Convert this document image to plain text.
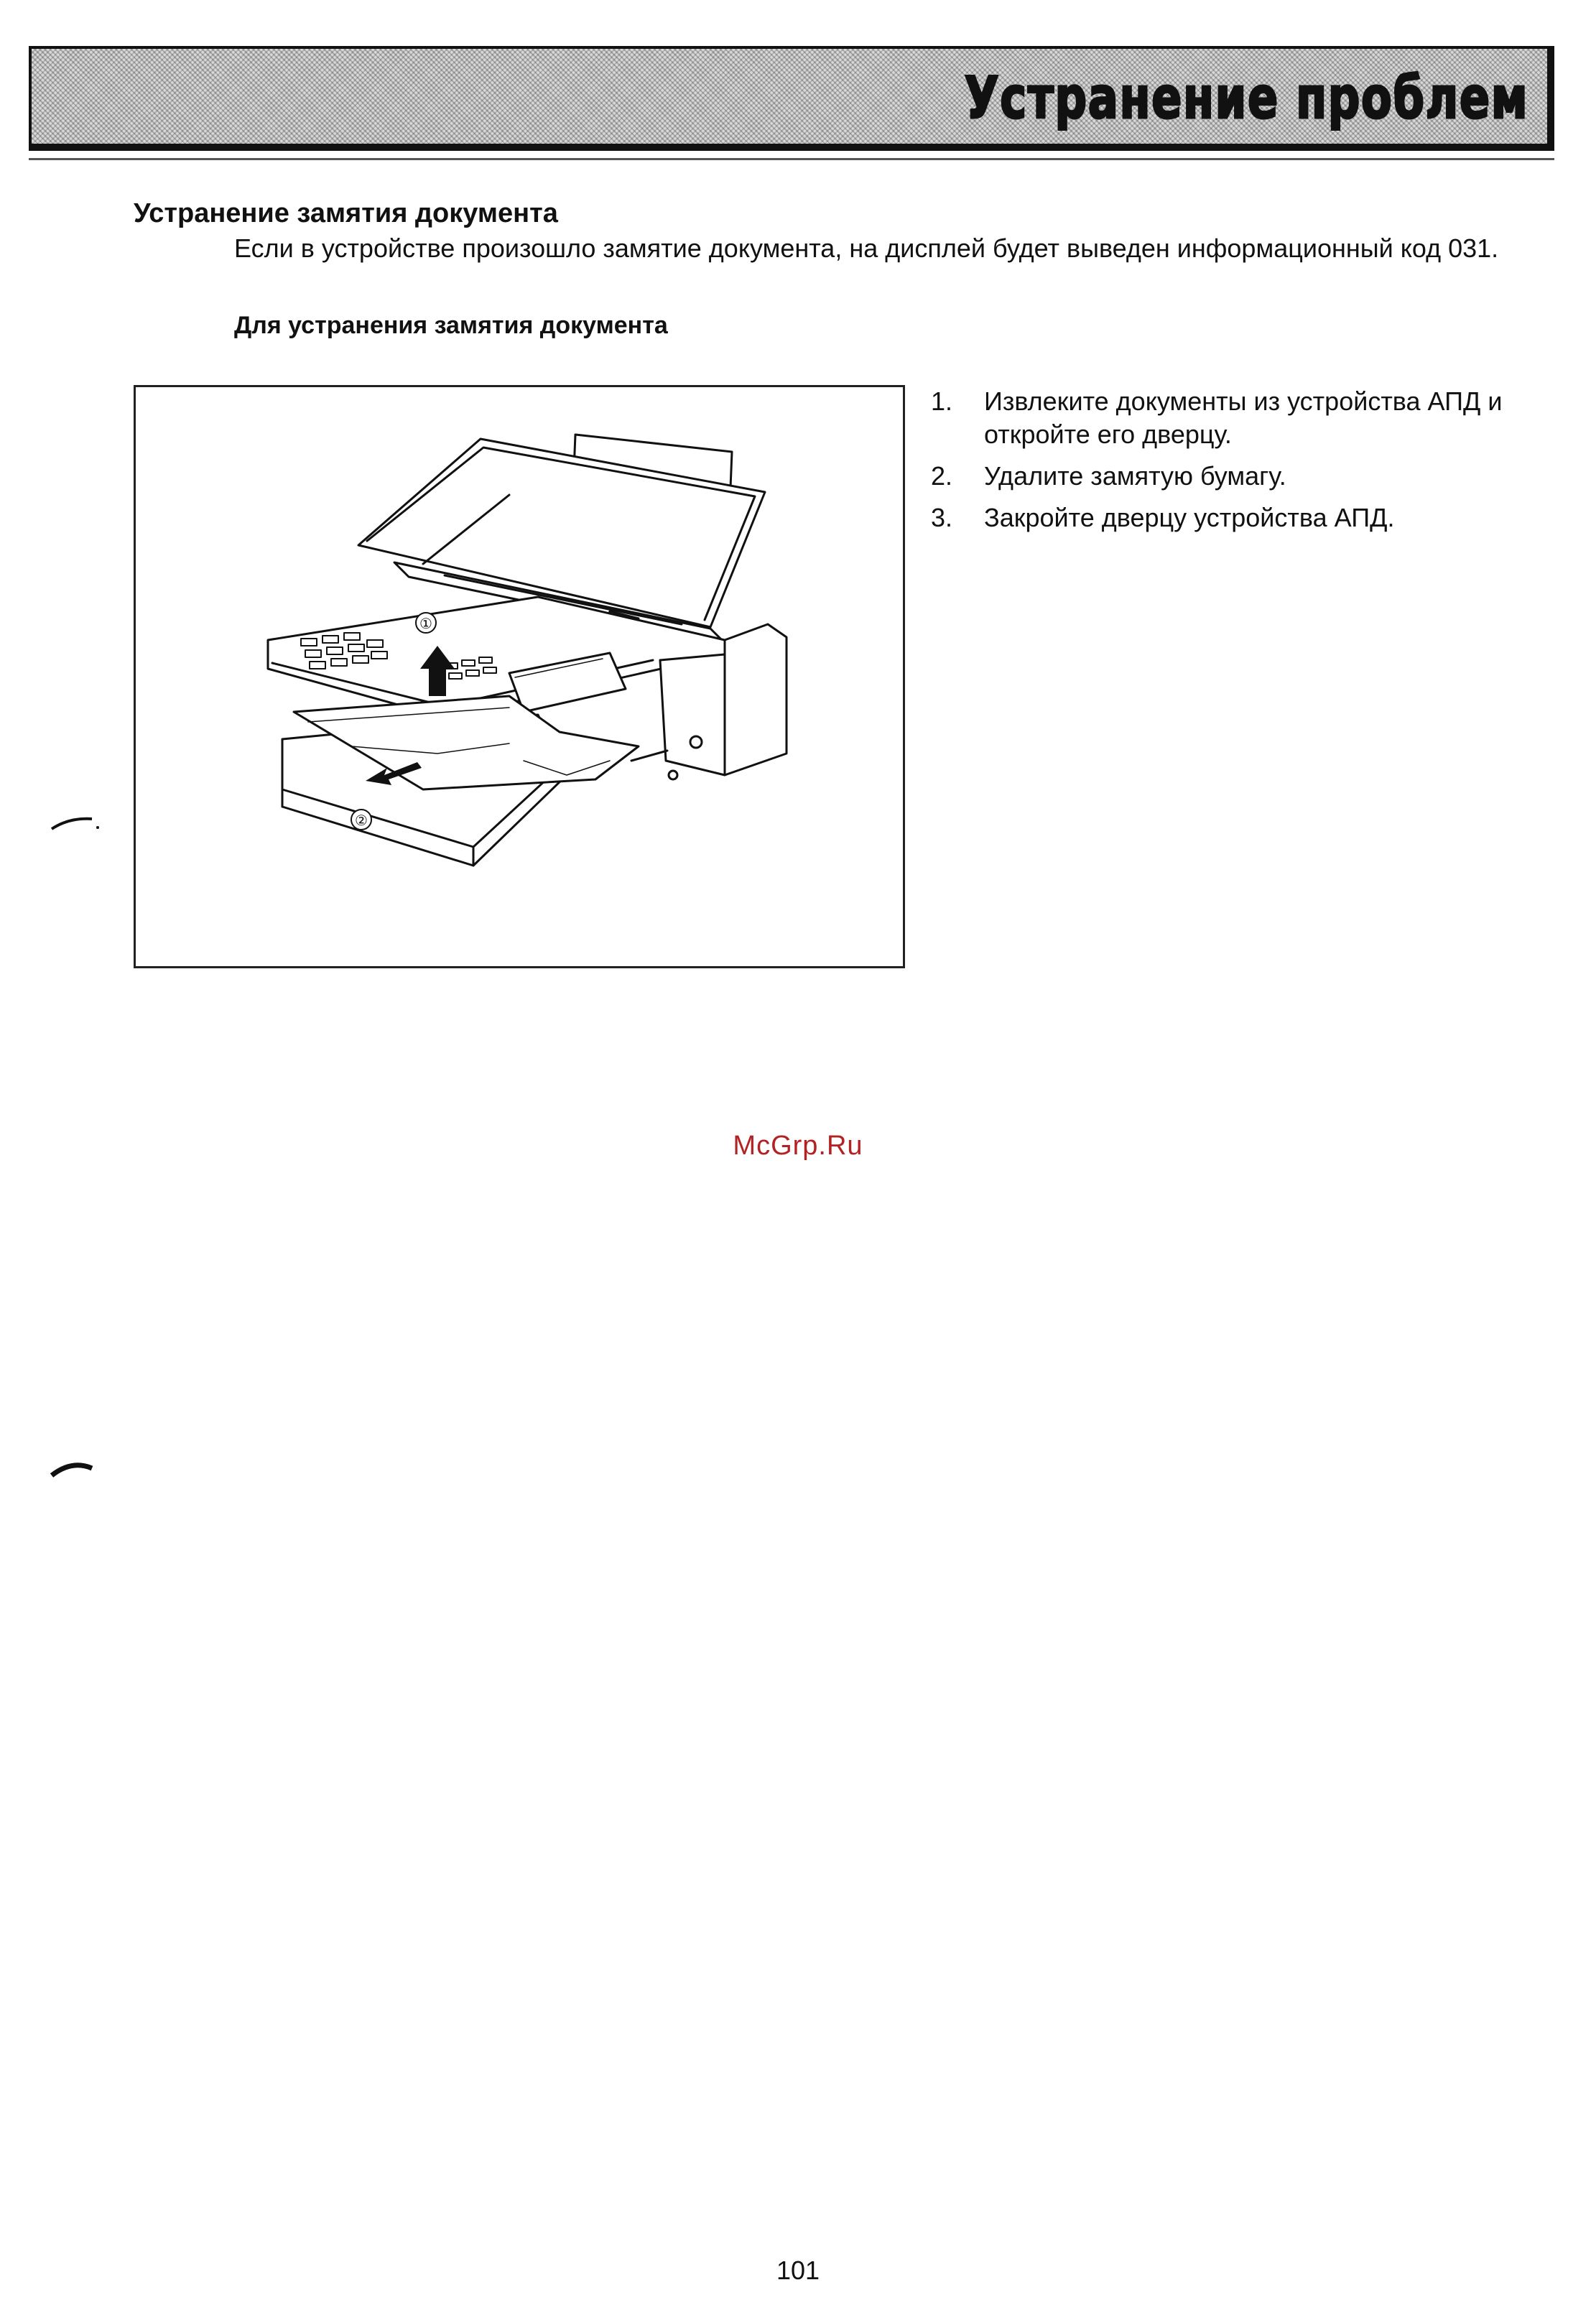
Устранение проблем
Устранение замятия документа
Если в устройстве произошло замятие документа, на дисплей будет выведен информационный код 031.
Для устранения замятия документа
①
②
1. Извлеките документы из устройства АПД и откройте его дверцу.
2. Удалите замятую бумагу.
3. Закройте дверцу устройства АПД.
McGrp.Ru
101
